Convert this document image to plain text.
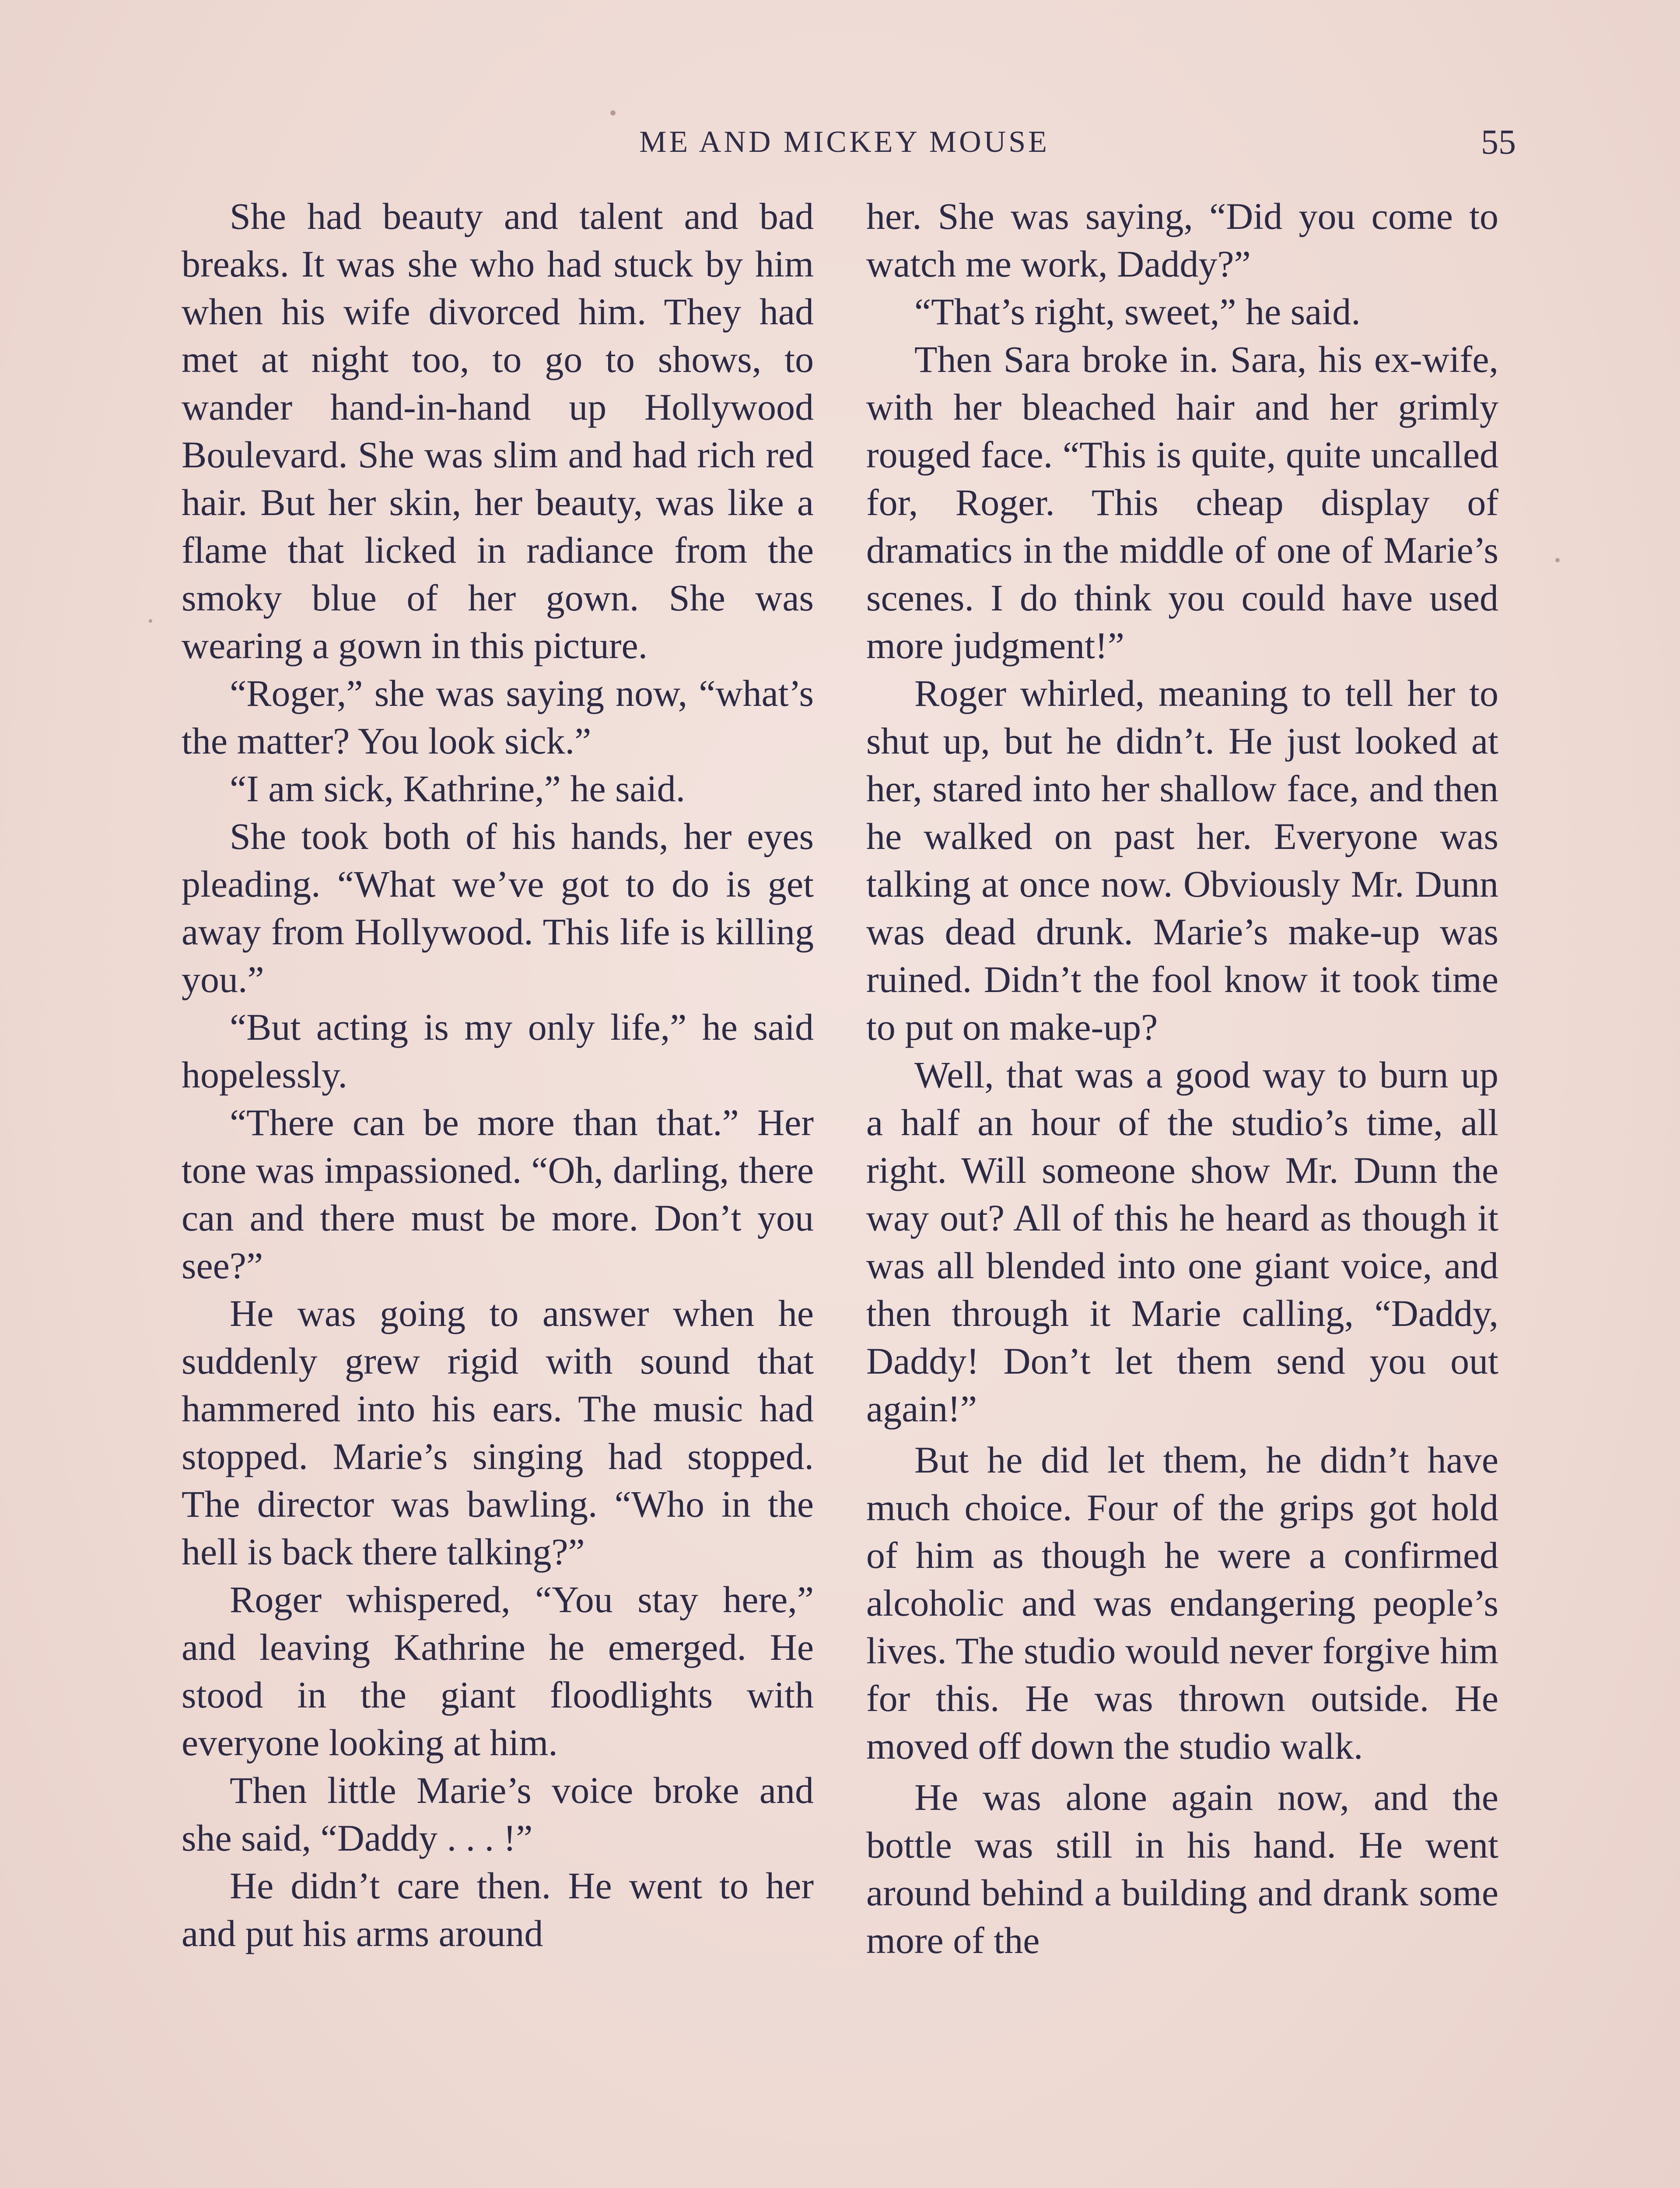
ME AND MICKEY MOUSE	55

She had beauty and talent and bad breaks. It was she who had stuck by him when his wife divorced him. They had met at night too, to go to shows, to wander hand-in-hand up Hollywood Boulevard. She was slim and had rich red hair. But her skin, her beauty, was like a flame that licked in radiance from the smoky blue of her gown. She was wearing a gown in this picture.

“Roger,” she was saying now, “what’s the matter? You look sick.”

“I am sick, Kathrine,” he said.

She took both of his hands, her eyes pleading. “What we’ve got to do is get away from Hollywood. This life is killing you.”

“But acting is my only life,” he said hopelessly.

“There can be more than that.” Her tone was impassioned. “Oh, darling, there can and there must be more. Don’t you see?”

He was going to answer when he suddenly grew rigid with sound that hammered into his ears. The music had stopped. Marie’s singing had stopped. The director was bawling. “Who in the hell is back there talking?”

Roger whispered, “You stay here,” and leaving Kathrine he emerged. He stood in the giant floodlights with everyone looking at him.

Then little Marie’s voice broke and she said, “Daddy . . . !”

He didn’t care then. He went to her and put his arms around

her. She was saying, “Did you come to watch me work, Daddy?”

“That’s right, sweet,” he said.

Then Sara broke in. Sara, his ex-wife, with her bleached hair and her grimly rouged face. “This is quite, quite uncalled for, Roger. This cheap display of dramatics in the middle of one of Marie’s scenes. I do think you could have used more judgment!”

Roger whirled, meaning to tell her to shut up, but he didn’t. He just looked at her, stared into her shallow face, and then he walked on past her. Everyone was talking at once now. Obviously Mr. Dunn was dead drunk. Marie’s make-up was ruined. Didn’t the fool know it took time to put on make-up?

Well, that was a good way to burn up a half an hour of the studio’s time, all right. Will someone show Mr. Dunn the way out? All of this he heard as though it was all blended into one giant voice, and then through it Marie calling, “Daddy, Daddy! Don’t let them send you out again!”

But he did let them, he didn’t have much choice. Four of the grips got hold of him as though he were a confirmed alcoholic and was endangering people’s lives. The studio would never forgive him for this. He was thrown outside. He moved off down the studio walk.

He was alone again now, and the bottle was still in his hand. He went around behind a building and drank some more of the
